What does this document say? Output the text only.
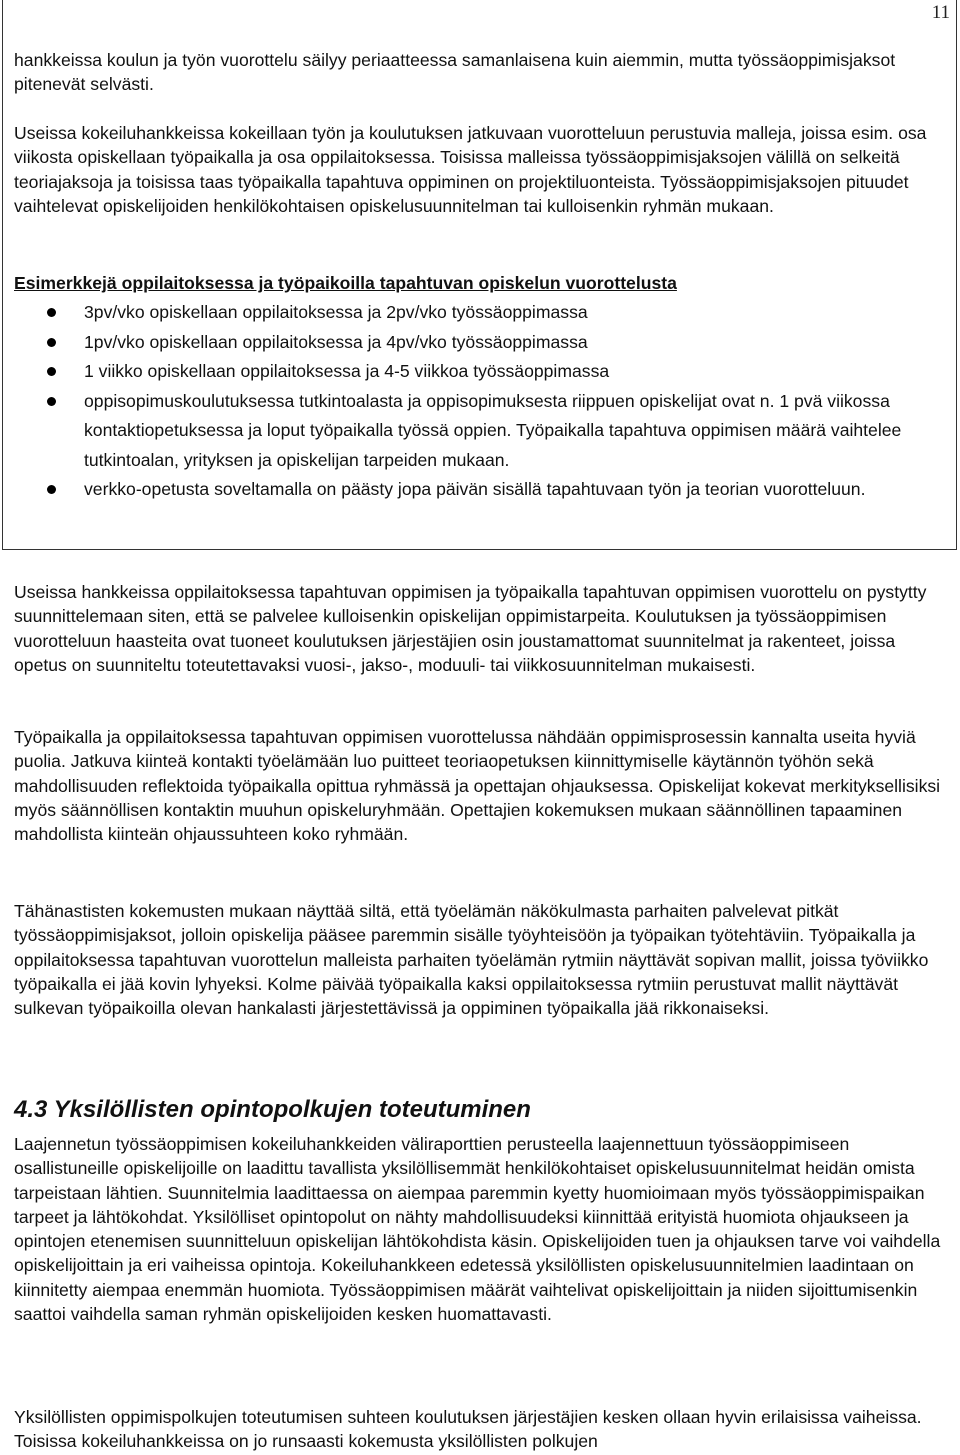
11

hankkeissa koulun ja työn vuorottelu säilyy periaatteessa samanlaisena kuin aiemmin, mutta työssäoppimisjaksot pitenevät selvästi.

Useissa kokeiluhankkeissa kokeillaan työn ja koulutuksen jatkuvaan vuorotteluun perustuvia malleja, joissa esim. osa viikosta opiskellaan työpaikalla ja osa oppilaitoksessa. Toisissa malleissa työssäoppimisjaksojen välillä on selkeitä teoriajaksoja ja toisissa taas työpaikalla tapahtuva oppiminen on projektiluonteista. Työssäoppimisjaksojen pituudet vaihtelevat opiskelijoiden henkilökohtaisen opiskelusuunnitelman tai kulloisenkin ryhmän mukaan.

Esimerkkejä oppilaitoksessa ja työpaikoilla tapahtuvan opiskelun vuorottelusta

3pv/vko opiskellaan oppilaitoksessa ja 2pv/vko työssäoppimassa
1pv/vko opiskellaan oppilaitoksessa ja 4pv/vko työssäoppimassa
1 viikko opiskellaan oppilaitoksessa ja 4-5 viikkoa työssäoppimassa
oppisopimuskoulutuksessa tutkintoalasta ja oppisopimuksesta riippuen opiskelijat ovat n. 1 pvä viikossa kontaktiopetuksessa ja loput työpaikalla työssä oppien. Työpaikalla tapahtuva oppimisen määrä vaihtelee tutkintoalan, yrityksen ja opiskelijan tarpeiden mukaan.
verkko-opetusta soveltamalla on päästy jopa päivän sisällä tapahtuvaan työn ja teorian vuorotteluun.

Useissa hankkeissa oppilaitoksessa tapahtuvan oppimisen ja työpaikalla tapahtuvan oppimisen vuorottelu on pystytty suunnittelemaan siten, että se palvelee kulloisenkin opiskelijan oppimistarpeita. Koulutuksen ja työssäoppimisen vuorotteluun haasteita ovat tuoneet koulutuksen järjestäjien osin joustamattomat suunnitelmat ja rakenteet, joissa opetus on suunniteltu toteutettavaksi vuosi-, jakso-, moduuli- tai viikkosuunnitelman mukaisesti.

Työpaikalla ja oppilaitoksessa tapahtuvan oppimisen vuorottelussa nähdään oppimisprosessin kannalta useita hyviä puolia. Jatkuva kiinteä kontakti työelämään luo puitteet teoriaopetuksen kiinnittymiselle käytännön työhön sekä mahdollisuuden reflektoida työpaikalla opittua ryhmässä ja opettajan ohjauksessa. Opiskelijat kokevat merkityksellisiksi myös säännöllisen kontaktin muuhun opiskeluryhmään. Opettajien kokemuksen mukaan säännöllinen tapaaminen mahdollista kiinteän ohjaussuhteen koko ryhmään.

Tähänastisten kokemusten mukaan näyttää siltä, että työelämän näkökulmasta parhaiten palvelevat pitkät työssäoppimisjaksot, jolloin opiskelija pääsee paremmin sisälle työyhteisöön ja työpaikan työtehtäviin. Työpaikalla ja oppilaitoksessa tapahtuvan vuorottelun malleista parhaiten työelämän rytmiin näyttävät sopivan mallit, joissa työviikko työpaikalla ei jää kovin lyhyeksi. Kolme päivää työpaikalla kaksi oppilaitoksessa rytmiin perustuvat mallit näyttävät sulkevan työpaikoilla olevan hankalasti järjestettävissä ja oppiminen työpaikalla jää rikkonaiseksi.

4.3 Yksilöllisten opintopolkujen toteutuminen

Laajennetun työssäoppimisen kokeiluhankkeiden väliraporttien perusteella laajennettuun työssäoppimiseen osallistuneille opiskelijoille on laadittu tavallista yksilöllisemmät henkilökohtaiset opiskelusuunnitelmat heidän omista tarpeistaan lähtien. Suunnitelmia laadittaessa on aiempaa paremmin kyetty huomioimaan myös työssäoppimispaikan tarpeet ja lähtökohdat. Yksilölliset opintopolut on nähty mahdollisuudeksi kiinnittää erityistä huomiota ohjaukseen ja opintojen etenemisen suunnitteluun opiskelijan lähtökohdista käsin. Opiskelijoiden tuen ja ohjauksen tarve voi vaihdella opiskelijoittain ja eri vaiheissa opintoja. Kokeiluhankkeen edetessä yksilöllisten opiskelusuunnitelmien laadintaan on kiinnitetty aiempaa enemmän huomiota. Työssäoppimisen määrät vaihtelivat opiskelijoittain ja niiden sijoittumisenkin saattoi vaihdella saman ryhmän opiskelijoiden kesken huomattavasti.

Yksilöllisten oppimispolkujen toteutumisen suhteen koulutuksen järjestäjien kesken ollaan hyvin erilaisissa vaiheissa. Toisissa kokeiluhankkeissa on jo runsaasti kokemusta yksilöllisten polkujen
